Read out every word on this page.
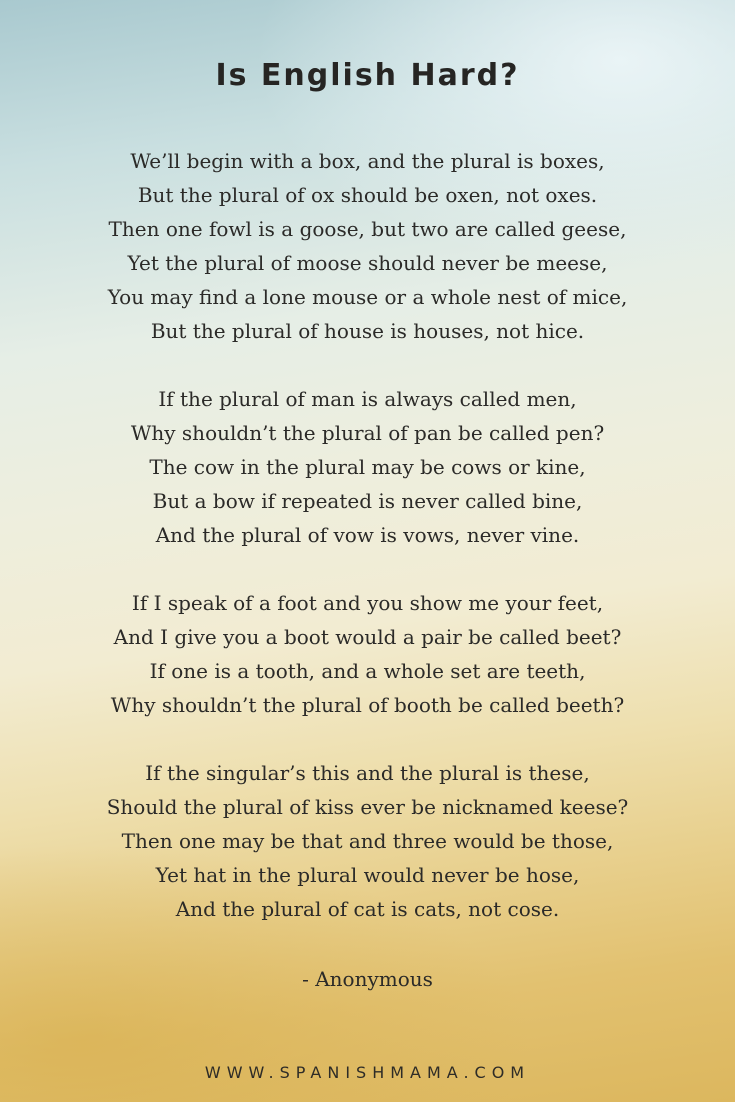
Is English Hard?
We’ll begin with a box, and the plural is boxes,
But the plural of ox should be oxen, not oxes.
Then one fowl is a goose, but two are called geese,
Yet the plural of moose should never be meese,
You may find a lone mouse or a whole nest of mice,
But the plural of house is houses, not hice.
If the plural of man is always called men,
Why shouldn’t the plural of pan be called pen?
The cow in the plural may be cows or kine,
But a bow if repeated is never called bine,
And the plural of vow is vows, never vine.
If I speak of a foot and you show me your feet,
And I give you a boot would a pair be called beet?
If one is a tooth, and a whole set are teeth,
Why shouldn’t the plural of booth be called beeth?
If the singular’s this and the plural is these,
Should the plural of kiss ever be nicknamed keese?
Then one may be that and three would be those,
Yet hat in the plural would never be hose,
And the plural of cat is cats, not cose.
- Anonymous
WWW.SPANISHMAMA.COM
